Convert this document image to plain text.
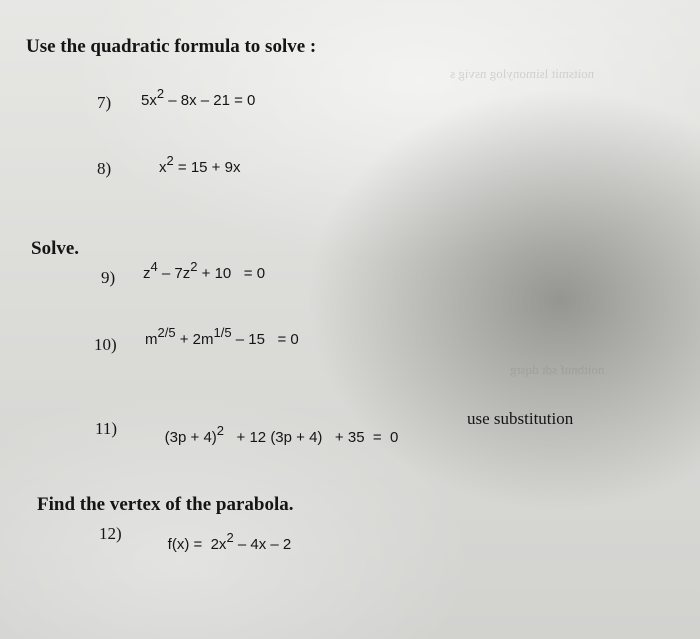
noitsmit lsimonylog nsvig s
noitbnuf sdt dqsrg
Use the quadratic formula to solve :
7) $5x^2 - 8x - 21 = 0$
8)	$x^2 = 15 + 9x$
Solve.
9) $z^4 - 7z^2 + 10 = 0$
10) $m^{2/5} + 2m^{1/5} - 15 = 0$
11)	$(3p + 4)^2 + 12$ (3p + 4)   + 35  =  0

use substitution
Find the vertex of the parabola.
12)

$f(x) = 2x^2 - 4x - 2$
